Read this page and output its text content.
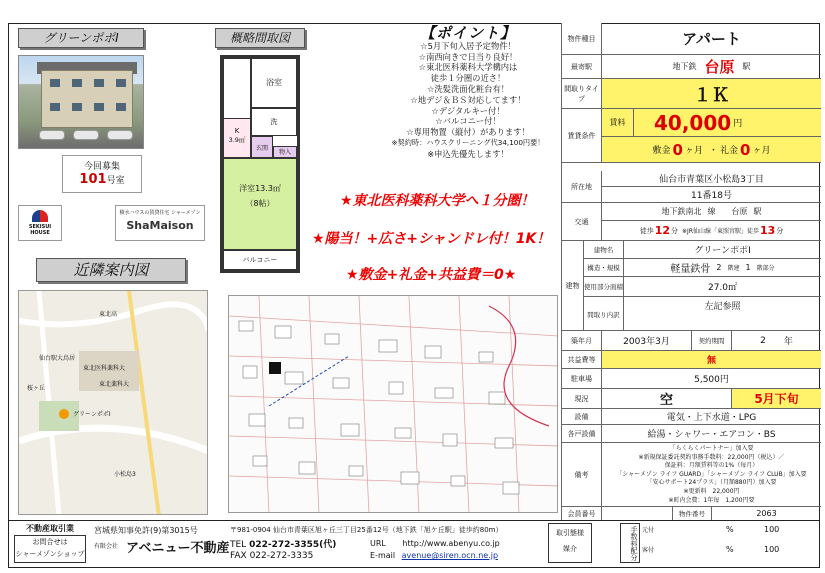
グリーンポポⅠ
今回募集
101号室
SEKISUI HOUSE
積水ハウスの賃貸住宅 シャーメゾン
ShaMaison
近隣案内図
東北医科薬科大
仙台駅大鳥居
東北高
桜ヶ丘
グリーンポポⅠ
小松島3
東北薬科大
概略間取図
浴室
K
3.9㎡
洗
玄関
物入
洋室13.3㎡
（8帖）
バルコニー
【ポイント】
☆5月下旬入居予定物件！
☆南西向きで日当り良好！
☆東北医科薬科大学構内は
徒歩１分圏の近さ！
☆洗髪洗面化粧台有！
☆地デジ＆ＢＳ対応してます！
☆デジタルキー付！
☆バルコニー付！
☆専用物置（縦付）があります！
※契約時：ハウスクリーニング代34,100円要！
※申込先優先します！
★東北医科薬科大学へ１分圏！
★陽当！+広さ+シャンドレ付！1K！
★敷金+礼金+共益費＝0★
物件種目	アパート
最寄駅	地下鉄 台原 駅
間取りタイプ	１Ｋ
賃貸条件
賃料	40,000 円
敷金 0 ヶ月 ・ 礼金 0 ヶ月
所在地
仙台市青葉区小松島3丁目
11番18号
交通
地下鉄南北 線 台原 駅
徒歩 12 分 ※JR仙山線「東照宮駅」徒歩 13 分
建物
建物名	グリーンポポⅠ
構造・規模	軽量鉄骨 2 階建 1 階部分
使用部分面積	27.0㎡
間取り内訳
左記参照
築年月	2003年3月	契約期間	2 年
共益費等	無
駐車場	5,500円
現況	空	5月下旬
設備	電気・上下水道・LPG
各戸設備	給湯・シャワー・エアコン・BS
備考
「らくらくパートナー」加入要
※新規保証委託契約事務手数料：22,000円（税込）／
保証料：月額賃料等の1%（毎月）
「シャーメゾン ライフ GUARD」「シャーメゾン ライフ CLUB」加入要
「安心サポート24プラス」（月額880円）加入要
※更新料　22,000円
※町内会費：1年毎　1,200円要
会員番号	物件番号	2063
不動産取引業
お問合せは
シャーメゾンショップ
宮城県知事免許(9)第3015号
有限会社 アベニュー不動産
〒981-0904 仙台市青葉区旭ヶ丘三丁目25番12号（地下鉄「旭ケ丘駅」徒歩約80m）
TEL 022-272-3355(代)
FAX 022-272-3335
URL http://www.abenyu.co.jp
E-mail avenue@siren.ocn.ne.jp
取引態様
媒介	手数料配分 元付
客付
%	100
%	100
